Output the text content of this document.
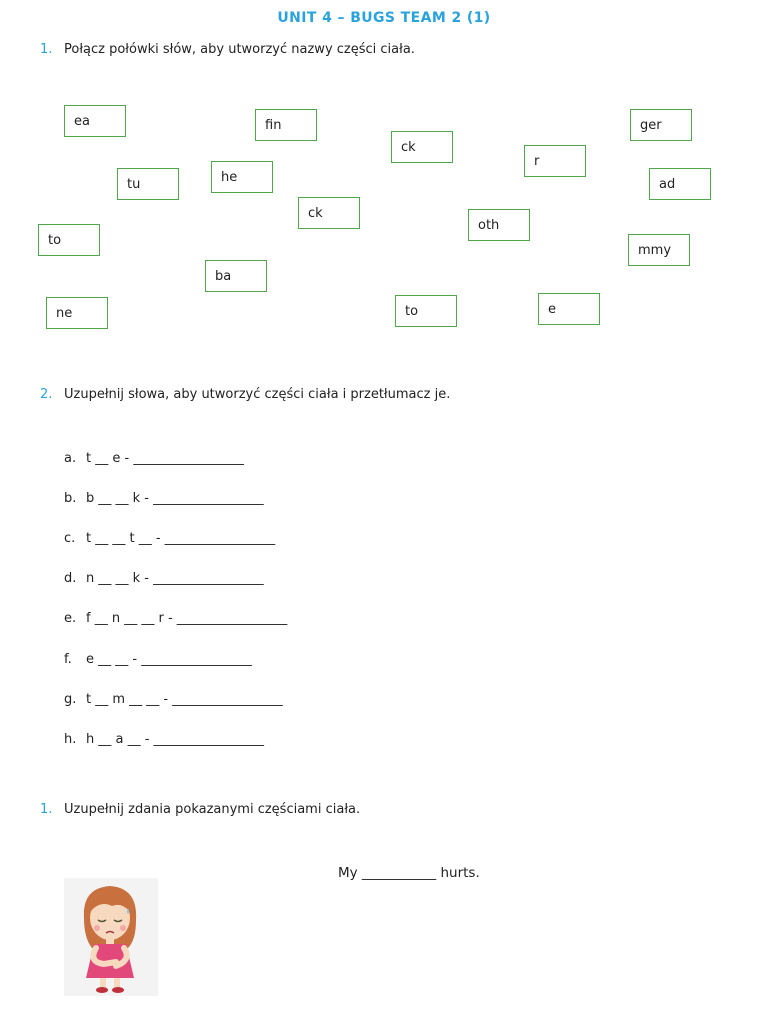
UNIT 4 – BUGS TEAM 2 (1)
1. Połącz połówki słów, aby utworzyć nazwy części ciała.
ea	fin
ck
ger
r
tu	he	ad
ck
oth
to
mmy
ba
ne	to	e
2. Uzupełnij słowa, aby utworzyć części ciała i przetłumacz je.
a. t __ e - _________________
b. b __ __ k - _________________
c. t __ __ t __ - _________________
d. n __ __ k - _________________
e. f __ n __ __ r - _________________
f. e __ __ - _________________
g. t __ m __ __ - _________________
h. h __ a __ - _________________
1. Uzupełnij zdania pokazanymi częściami ciała.
My ___________ hurts.
